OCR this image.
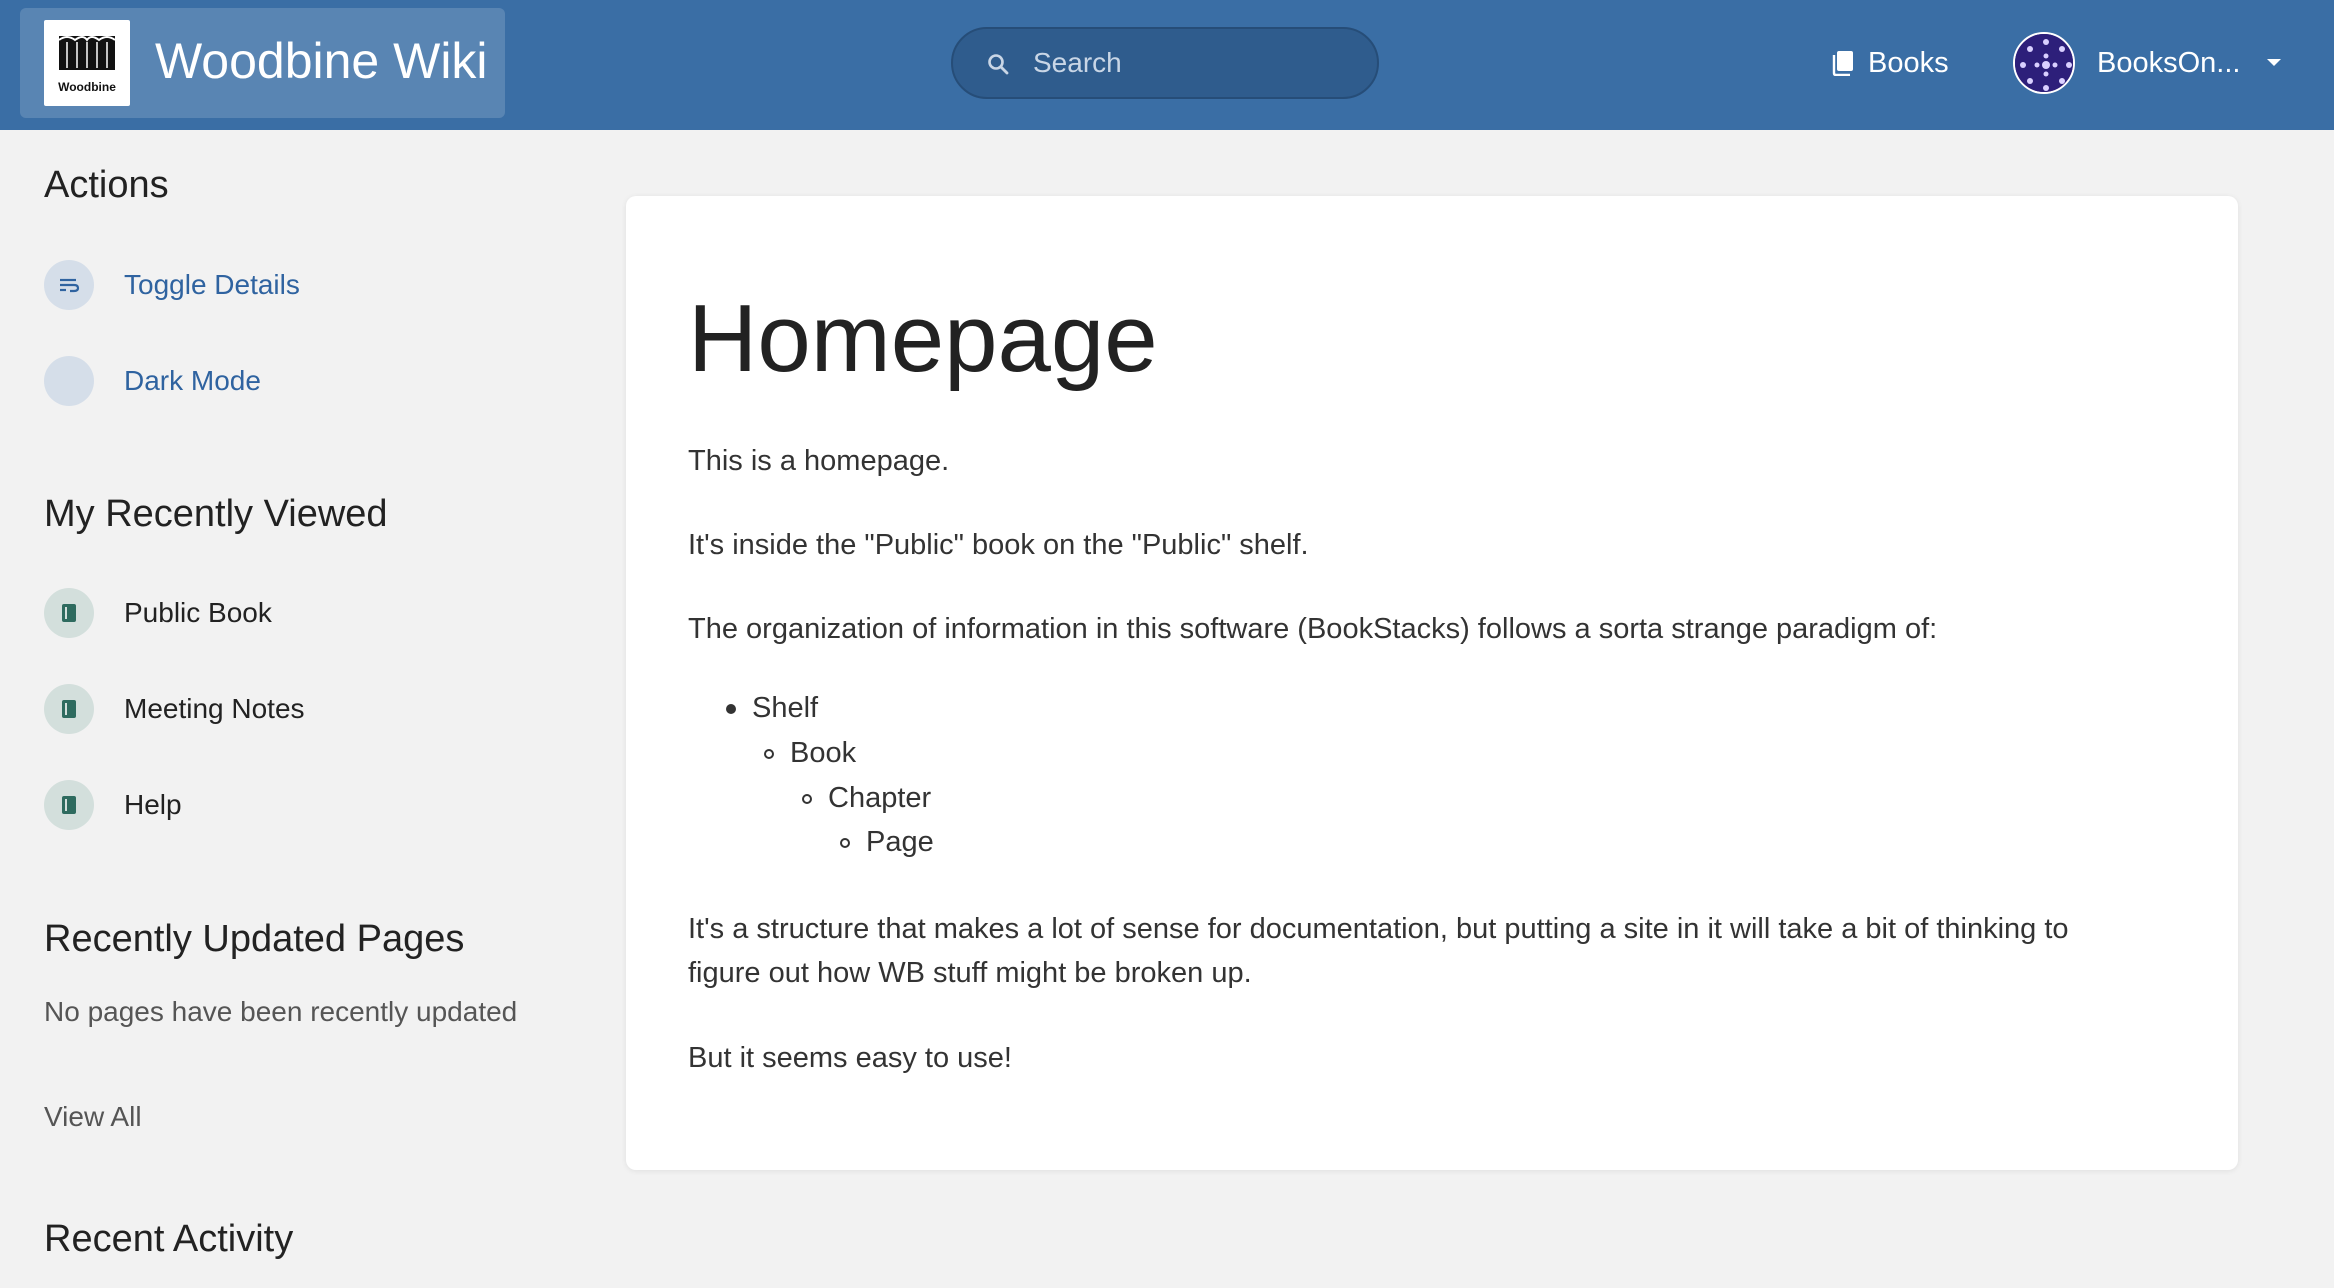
Woodbine Woodbine Wiki
Search	Books	BooksOn...
Actions
Toggle Details
Dark Mode
My Recently Viewed
Public Book
Meeting Notes
Help
Recently Updated Pages
No pages have been recently updated
View All
Recent Activity
Homepage
This is a homepage.
It's inside the "Public" book on the "Public" shelf.
The organization of information in this software (BookStacks) follows a sorta strange paradigm of:
Shelf
Book
Chapter
Page
It's a structure that makes a lot of sense for documentation, but putting a site in it will take a bit of thinking to figure out how WB stuff might be broken up.
But it seems easy to use!
